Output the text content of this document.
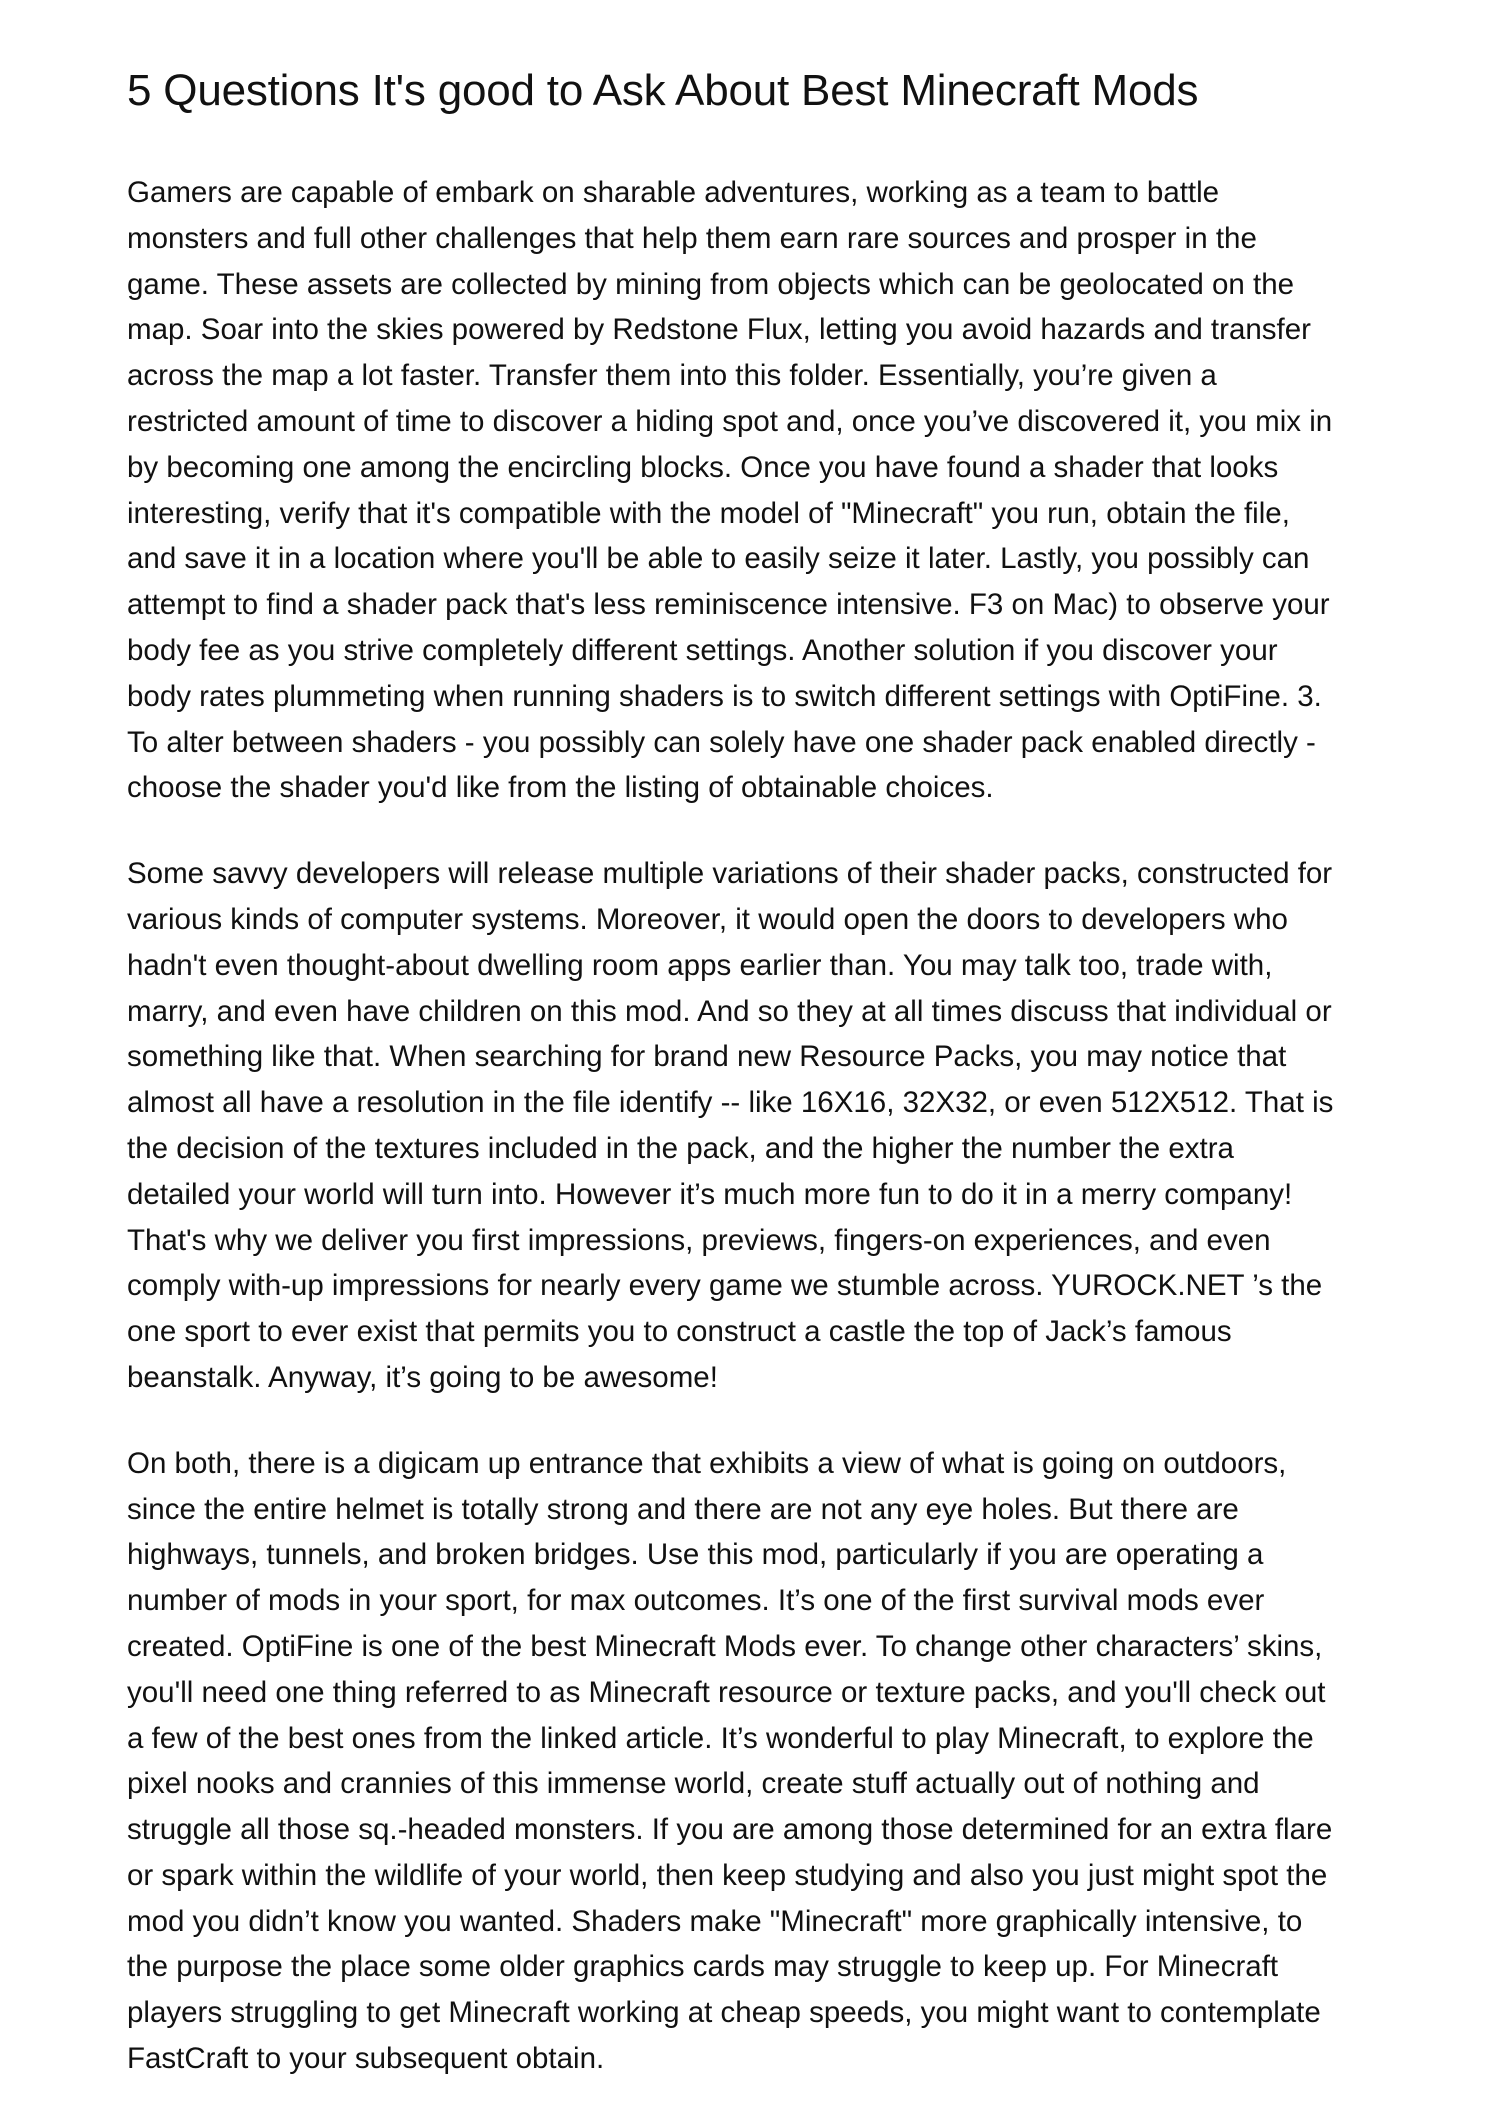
5 Questions It's good to Ask About Best Minecraft Mods

Gamers are capable of embark on sharable adventures, working as a team to battle
monsters and full other challenges that help them earn rare sources and prosper in the
game. These assets are collected by mining from objects which can be geolocated on the
map. Soar into the skies powered by Redstone Flux, letting you avoid hazards and transfer
across the map a lot faster. Transfer them into this folder. Essentially, you’re given a
restricted amount of time to discover a hiding spot and, once you’ve discovered it, you mix in
by becoming one among the encircling blocks. Once you have found a shader that looks
interesting, verify that it's compatible with the model of "Minecraft" you run, obtain the file,
and save it in a location where you'll be able to easily seize it later. Lastly, you possibly can
attempt to find a shader pack that's less reminiscence intensive. F3 on Mac) to observe your
body fee as you strive completely different settings. Another solution if you discover your
body rates plummeting when running shaders is to switch different settings with OptiFine. 3.
To alter between shaders - you possibly can solely have one shader pack enabled directly -
choose the shader you'd like from the listing of obtainable choices.

Some savvy developers will release multiple variations of their shader packs, constructed for
various kinds of computer systems. Moreover, it would open the doors to developers who
hadn't even thought-about dwelling room apps earlier than. You may talk too, trade with,
marry, and even have children on this mod. And so they at all times discuss that individual or
something like that. When searching for brand new Resource Packs, you may notice that
almost all have a resolution in the file identify -- like 16X16, 32X32, or even 512X512. That is
the decision of the textures included in the pack, and the higher the number the extra
detailed your world will turn into. However it’s much more fun to do it in a merry company!
That's why we deliver you first impressions, previews, fingers-on experiences, and even
comply with-up impressions for nearly every game we stumble across. YUROCK.NET ’s the
one sport to ever exist that permits you to construct a castle the top of Jack’s famous
beanstalk. Anyway, it’s going to be awesome!

On both, there is a digicam up entrance that exhibits a view of what is going on outdoors,
since the entire helmet is totally strong and there are not any eye holes. But there are
highways, tunnels, and broken bridges. Use this mod, particularly if you are operating a
number of mods in your sport, for max outcomes. It’s one of the first survival mods ever
created. OptiFine is one of the best Minecraft Mods ever. To change other characters’ skins,
you'll need one thing referred to as Minecraft resource or texture packs, and you'll check out
a few of the best ones from the linked article. It’s wonderful to play Minecraft, to explore the
pixel nooks and crannies of this immense world, create stuff actually out of nothing and
struggle all those sq.-headed monsters. If you are among those determined for an extra flare
or spark within the wildlife of your world, then keep studying and also you just might spot the
mod you didn’t know you wanted. Shaders make "Minecraft" more graphically intensive, to
the purpose the place some older graphics cards may struggle to keep up. For Minecraft
players struggling to get Minecraft working at cheap speeds, you might want to contemplate
FastCraft to your subsequent obtain.
